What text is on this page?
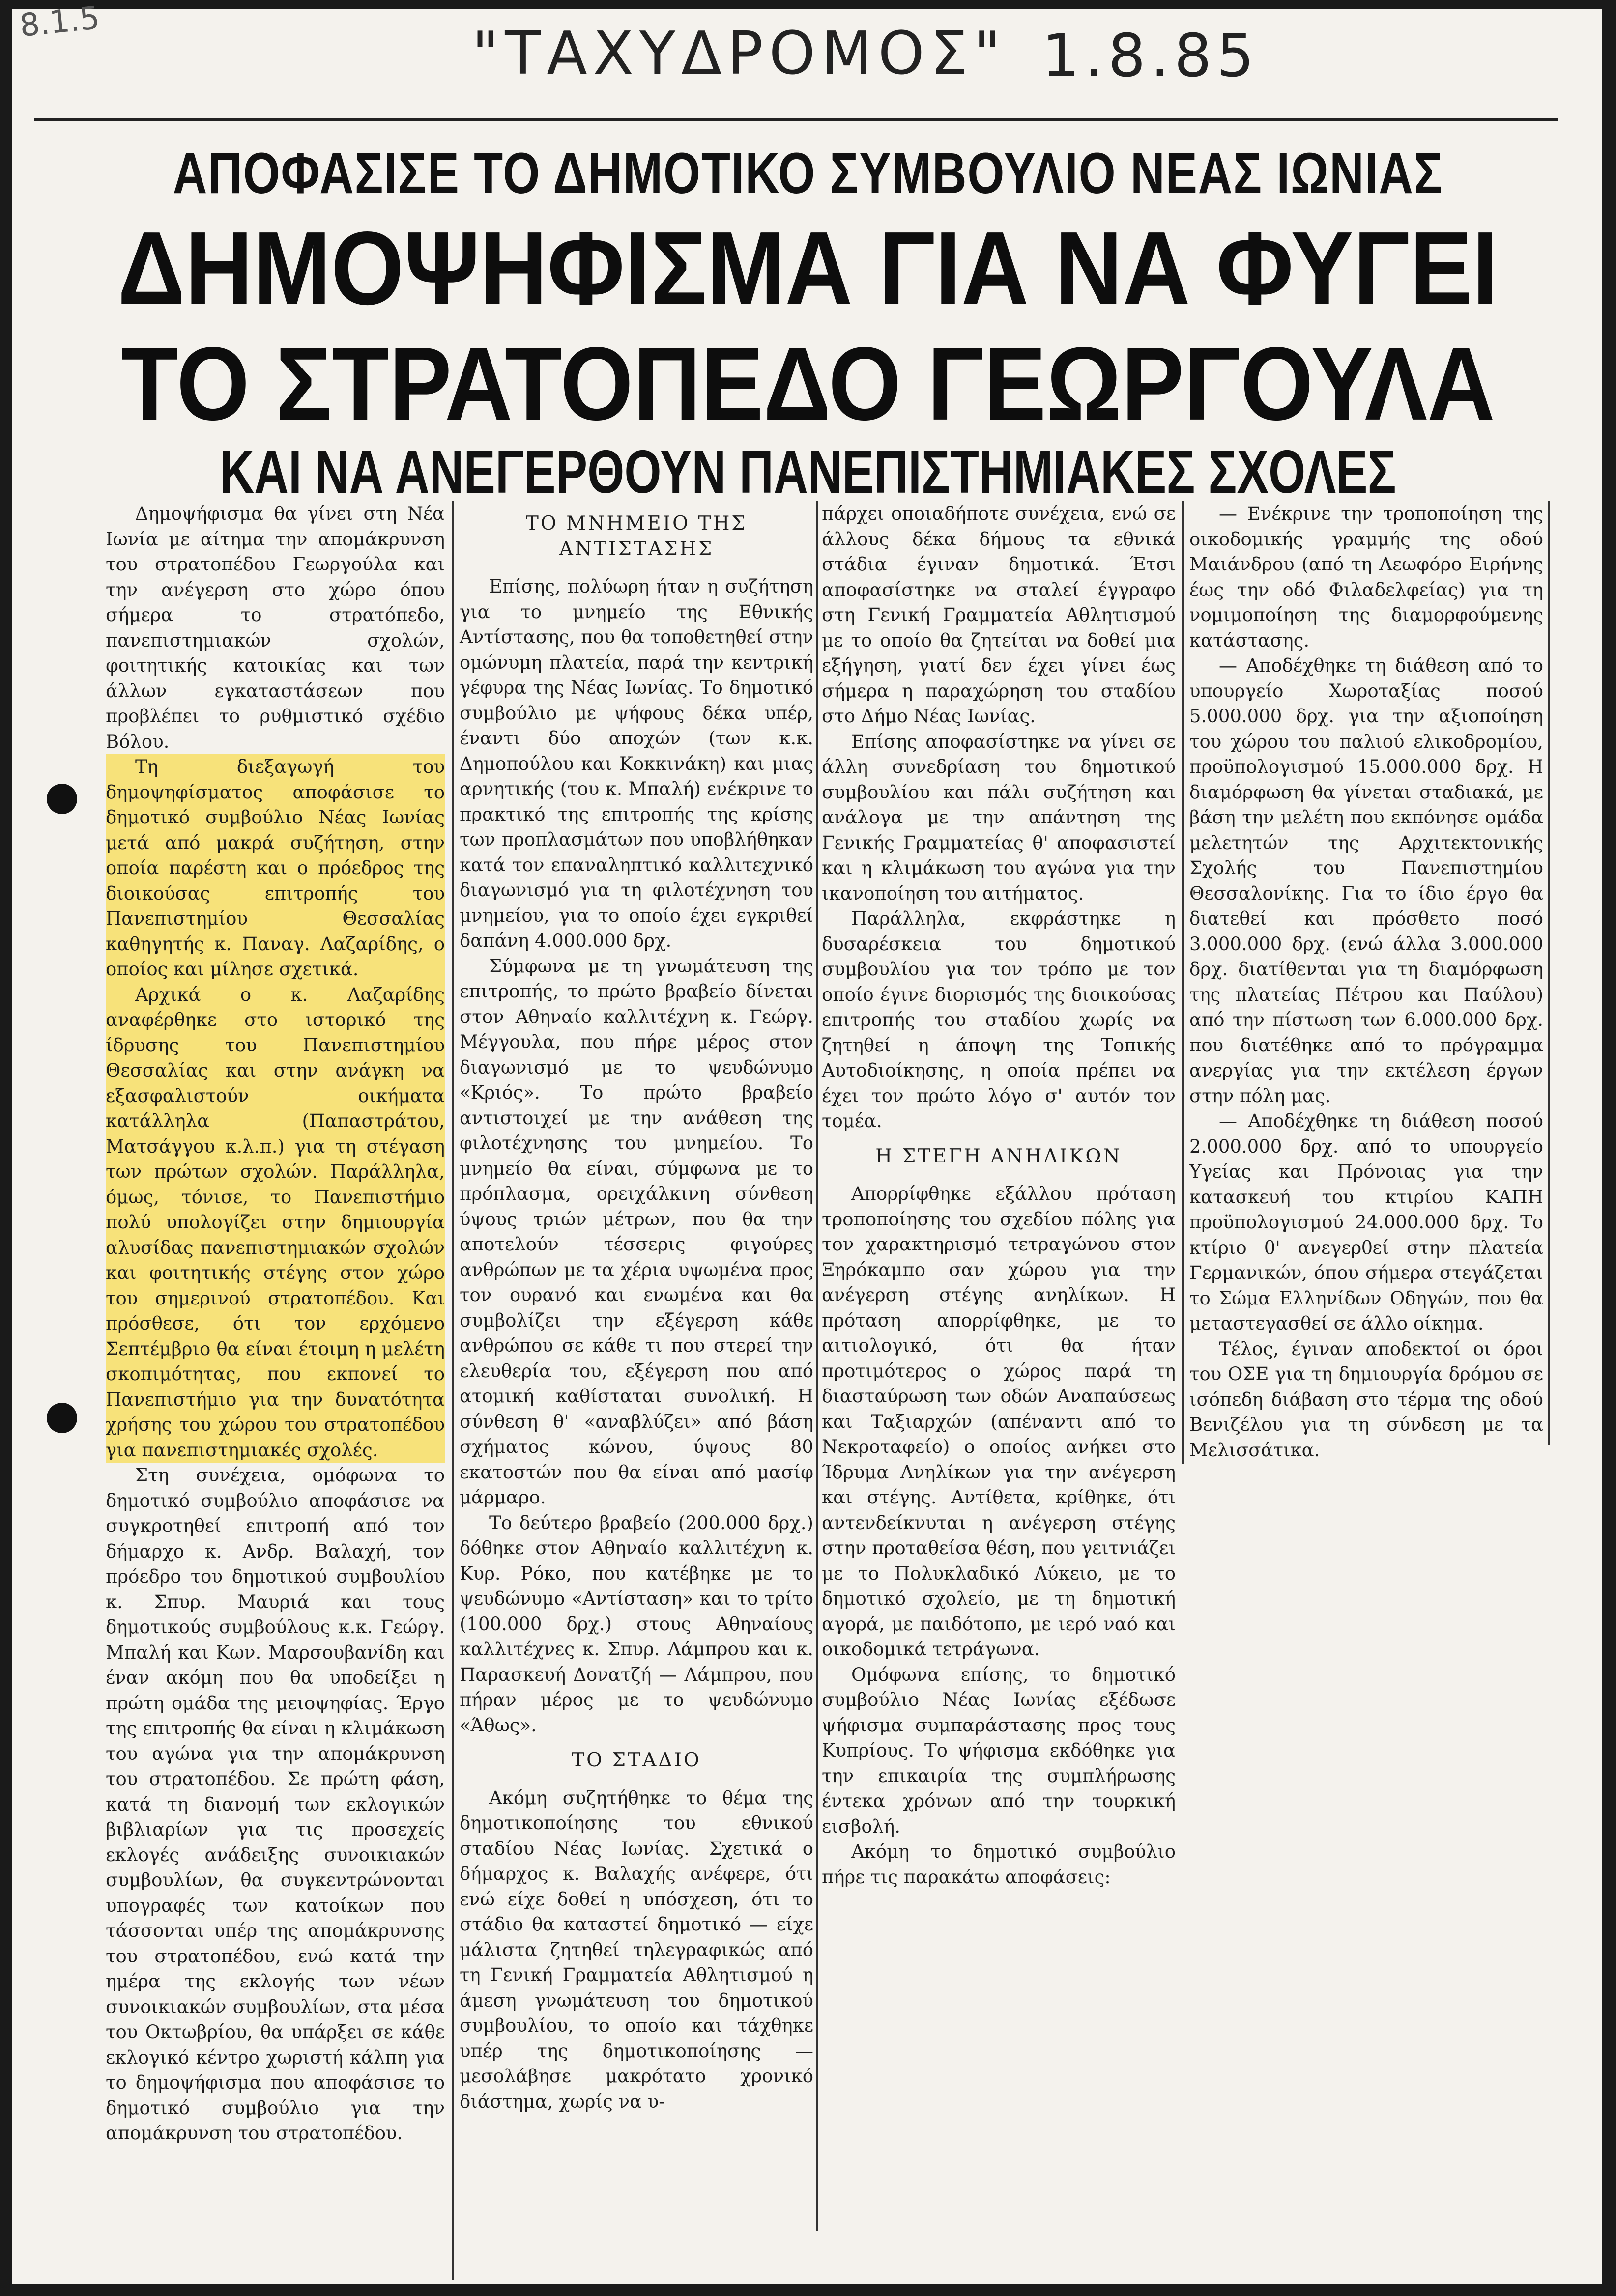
8.1.5	"ΤΑΧΥΔΡΟΜΟΣ" 1.8.85
ΑΠΟΦΑΣΙΣΕ ΤΟ ΔΗΜΟΤΙΚΟ ΣΥΜΒΟΥΛΙΟ ΝΕΑΣ ΙΩΝΙΑΣ
ΔΗΜΟΨΗΦΙΣΜΑ ΓΙΑ ΝΑ ΦΥΓΕΙ
ΤΟ ΣΤΡΑΤΟΠΕΔΟ ΓΕΩΡΓΟΥΛΑ
ΚΑΙ ΝΑ ΑΝΕΓΕΡΘΟΥΝ ΠΑΝΕΠΙΣΤΗΜΙΑΚΕΣ ΣΧΟΛΕΣ

Δημοψήφισμα θα γίνει στη Νέα Ιωνία με αίτημα την απομάκρυνση του στρατοπέδου Γεωργούλα και την ανέγερση στο χώρο όπου σήμερα το στρατόπεδο, πανεπιστημιακών σχολών, φοιτητικής κατοικίας και των άλλων εγκαταστάσεων που προβλέπει το ρυθμιστικό σχέδιο Βόλου.

Τη διεξαγωγή του δημοψηφίσματος αποφάσισε το δημοτικό συμβούλιο Νέας Ιωνίας μετά από μακρά συζήτηση, στην οποία παρέστη και ο πρόεδρος της διοικούσας επιτροπής του Πανεπιστημίου Θεσσαλίας καθηγητής κ. Παναγ. Λαζαρίδης, ο οποίος και μίλησε σχετικά.

Αρχικά ο κ. Λαζαρίδης αναφέρθηκε στο ιστορικό της ίδρυσης του Πανεπιστημίου Θεσσαλίας και στην ανάγκη να εξασφαλιστούν οικήματα κατάλληλα (Παπαστράτου, Ματσάγγου κ.λ.π.) για τη στέγαση των πρώτων σχολών. Παράλληλα, όμως, τόνισε, το Πανεπιστήμιο πολύ υπολογίζει στην δημιουργία αλυσίδας πανεπιστημιακών σχολών και φοιτητικής στέγης στον χώρο του σημερινού στρατοπέδου. Και πρόσθεσε, ότι τον ερχόμενο Σεπτέμβριο θα είναι έτοιμη η μελέτη σκοπιμότητας, που εκπονεί το Πανεπιστήμιο για την δυνατότητα χρήσης του χώρου του στρατοπέδου για πανεπιστημιακές σχολές.

Στη συνέχεια, ομόφωνα το δημοτικό συμβούλιο αποφάσισε να συγκροτηθεί επιτροπή από τον δήμαρχο κ. Ανδρ. Βαλαχή, τον πρόεδρο του δημοτικού συμβουλίου κ. Σπυρ. Μαυριά και τους δημοτικούς συμβούλους κ.κ. Γεώργ. Μπαλή και Κων. Μαρσουβανίδη και έναν ακόμη που θα υποδείξει η πρώτη ομάδα της μειοψηφίας. Έργο της επιτροπής θα είναι η κλιμάκωση του αγώνα για την απομάκρυνση του στρατοπέδου. Σε πρώτη φάση, κατά τη διανομή των εκλογικών βιβλιαρίων για τις προσεχείς εκλογές ανάδειξης συνοικιακών συμβουλίων, θα συγκεντρώνονται υπογραφές των κατοίκων που τάσσονται υπέρ της απομάκρυνσης του στρατοπέδου, ενώ κατά την ημέρα της εκλογής των νέων συνοικιακών συμβουλίων, στα μέσα του Οκτωβρίου, θα υπάρξει σε κάθε εκλογικό κέντρο χωριστή κάλπη για το δημοψήφισμα που αποφάσισε το δημοτικό συμβούλιο για την απομάκρυνση του στρατοπέδου.

ΤΟ ΜΝΗΜΕΙΟ ΤΗΣ ΑΝΤΙΣΤΑΣΗΣ

Επίσης, πολύωρη ήταν η συζήτηση για το μνημείο της Εθνικής Αντίστασης, που θα τοποθετηθεί στην ομώνυμη πλατεία, παρά την κεντρική γέφυρα της Νέας Ιωνίας. Το δημοτικό συμβούλιο με ψήφους δέκα υπέρ, έναντι δύο αποχών (των κ.κ. Δημοπούλου και Κοκκινάκη) και μιας αρνητικής (του κ. Μπαλή) ενέκρινε το πρακτικό της επιτροπής της κρίσης των προπλασμάτων που υποβλήθηκαν κατά τον επαναληπτικό καλλιτεχνικό διαγωνισμό για τη φιλοτέχνηση του μνημείου, για το οποίο έχει εγκριθεί δαπάνη 4.000.000 δρχ.

Σύμφωνα με τη γνωμάτευση της επιτροπής, το πρώτο βραβείο δίνεται στον Αθηναίο καλλιτέχνη κ. Γεώργ. Μέγγουλα, που πήρε μέρος στον διαγωνισμό με το ψευδώνυμο «Κριός». Το πρώτο βραβείο αντιστοιχεί με την ανάθεση της φιλοτέχνησης του μνημείου. Το μνημείο θα είναι, σύμφωνα με το πρόπλασμα, ορειχάλκινη σύνθεση ύψους τριών μέτρων, που θα την αποτελούν τέσσερις φιγούρες ανθρώπων με τα χέρια υψωμένα προς τον ουρανό και ενωμένα και θα συμβολίζει την εξέγερση κάθε ανθρώπου σε κάθε τι που στερεί την ελευθερία του, εξέγερση που από ατομική καθίσταται συνολική. Η σύνθεση θ' «αναβλύζει» από βάση σχήματος κώνου, ύψους 80 εκατοστών που θα είναι από μασίφ μάρμαρο.

Το δεύτερο βραβείο (200.000 δρχ.) δόθηκε στον Αθηναίο καλλιτέχνη κ. Κυρ. Ρόκο, που κατέβηκε με το ψευδώνυμο «Αντίσταση» και το τρίτο (100.000 δρχ.) στους Αθηναίους καλλιτέχνες κ. Σπυρ. Λάμπρου και κ. Παρασκευή Δονατζή — Λάμπρου, που πήραν μέρος με το ψευδώνυμο «Άθως».

ΤΟ ΣΤΑΔΙΟ

Ακόμη συζητήθηκε το θέμα της δημοτικοποίησης του εθνικού σταδίου Νέας Ιωνίας. Σχετικά ο δήμαρχος κ. Βαλαχής ανέφερε, ότι ενώ είχε δοθεί η υπόσχεση, ότι το στάδιο θα καταστεί δημοτικό — είχε μάλιστα ζητηθεί τηλεγραφικώς από τη Γενική Γραμματεία Αθλητισμού η άμεση γνωμάτευση του δημοτικού συμβουλίου, το οποίο και τάχθηκε υπέρ της δημοτικοποίησης — μεσολάβησε μακρότατο χρονικό διάστημα, χωρίς να υ-

πάρχει οποιαδήποτε συνέχεια, ενώ σε άλλους δέκα δήμους τα εθνικά στάδια έγιναν δημοτικά. Έτσι αποφασίστηκε να σταλεί έγγραφο στη Γενική Γραμματεία Αθλητισμού με το οποίο θα ζητείται να δοθεί μια εξήγηση, γιατί δεν έχει γίνει έως σήμερα η παραχώρηση του σταδίου στο Δήμο Νέας Ιωνίας.

Επίσης αποφασίστηκε να γίνει σε άλλη συνεδρίαση του δημοτικού συμβουλίου και πάλι συζήτηση και ανάλογα με την απάντηση της Γενικής Γραμματείας θ' αποφασιστεί και η κλιμάκωση του αγώνα για την ικανοποίηση του αιτήματος.

Παράλληλα, εκφράστηκε η δυσαρέσκεια του δημοτικού συμβουλίου για τον τρόπο με τον οποίο έγινε διορισμός της διοικούσας επιτροπής του σταδίου χωρίς να ζητηθεί η άποψη της Τοπικής Αυτοδιοίκησης, η οποία πρέπει να έχει τον πρώτο λόγο σ' αυτόν τον τομέα.

Η ΣΤΕΓΗ ΑΝΗΛΙΚΩΝ

Απορρίφθηκε εξάλλου πρόταση τροποποίησης του σχεδίου πόλης για τον χαρακτηρισμό τετραγώνου στον Ξηρόκαμπο σαν χώρου για την ανέγερση στέγης ανηλίκων. Η πρόταση απορρίφθηκε, με το αιτιολογικό, ότι θα ήταν προτιμότερος ο χώρος παρά τη διασταύρωση των οδών Αναπαύσεως και Ταξιαρχών (απέναντι από το Νεκροταφείο) ο οποίος ανήκει στο Ίδρυμα Ανηλίκων για την ανέγερση και στέγης. Αντίθετα, κρίθηκε, ότι αντενδείκνυται η ανέγερση στέγης στην προταθείσα θέση, που γειτνιάζει με το Πολυκλαδικό Λύκειο, με το δημοτικό σχολείο, με τη δημοτική αγορά, με παιδότοπο, με ιερό ναό και οικοδομικά τετράγωνα.

Ομόφωνα επίσης, το δημοτικό συμβούλιο Νέας Ιωνίας εξέδωσε ψήφισμα συμπαράστασης προς τους Κυπρίους. Το ψήφισμα εκδόθηκε για την επικαιρία της συμπλήρωσης έντεκα χρόνων από την τουρκική εισβολή.

Ακόμη το δημοτικό συμβούλιο πήρε τις παρακάτω αποφάσεις:

— Ενέκρινε την τροποποίηση της οικοδομικής γραμμής της οδού Μαιάνδρου (από τη Λεωφόρο Ειρήνης έως την οδό Φιλαδελφείας) για τη νομιμοποίηση της διαμορφούμενης κατάστασης.

— Αποδέχθηκε τη διάθεση από το υπουργείο Χωροταξίας ποσού 5.000.000 δρχ. για την αξιοποίηση του χώρου του παλιού ελικοδρομίου, προϋπολογισμού 15.000.000 δρχ. Η διαμόρφωση θα γίνεται σταδιακά, με βάση την μελέτη που εκπόνησε ομάδα μελετητών της Αρχιτεκτονικής Σχολής του Πανεπιστημίου Θεσσαλονίκης. Για το ίδιο έργο θα διατεθεί και πρόσθετο ποσό 3.000.000 δρχ. (ενώ άλλα 3.000.000 δρχ. διατίθενται για τη διαμόρφωση της πλατείας Πέτρου και Παύλου) από την πίστωση των 6.000.000 δρχ. που διατέθηκε από το πρόγραμμα ανεργίας για την εκτέλεση έργων στην πόλη μας.

— Αποδέχθηκε τη διάθεση ποσού 2.000.000 δρχ. από το υπουργείο Υγείας και Πρόνοιας για την κατασκευή του κτιρίου ΚΑΠΗ προϋπολογισμού 24.000.000 δρχ. Το κτίριο θ' ανεγερθεί στην πλατεία Γερμανικών, όπου σήμερα στεγάζεται το Σώμα Ελληνίδων Οδηγών, που θα μεταστεγασθεί σε άλλο οίκημα.

Τέλος, έγιναν αποδεκτοί οι όροι του ΟΣΕ για τη δημιουργία δρόμου σε ισόπεδη διάβαση στο τέρμα της οδού Βενιζέλου για τη σύνδεση με τα Μελισσάτικα.
